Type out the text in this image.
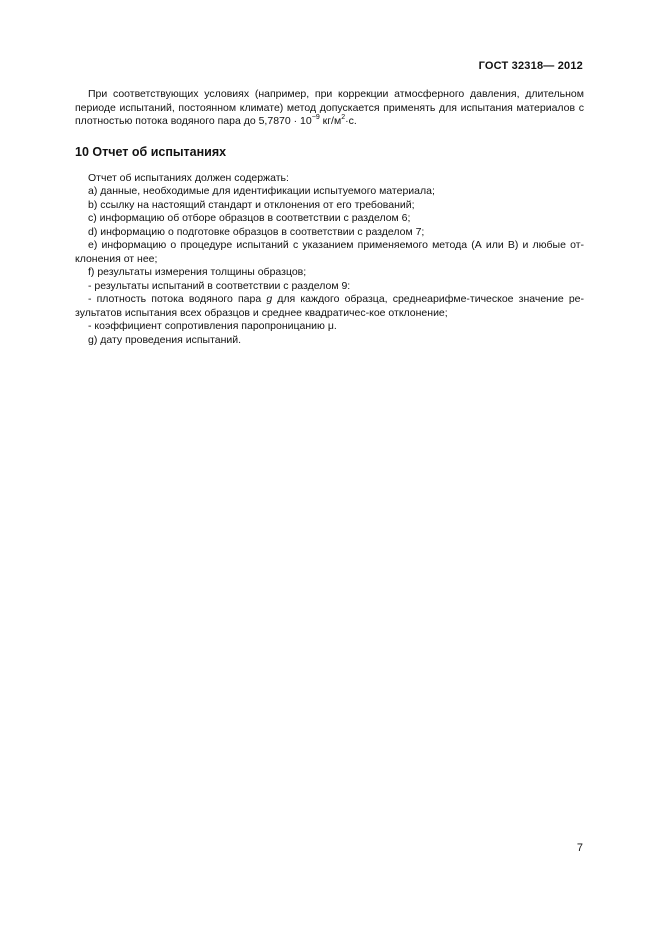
ГОСТ 32318— 2012

При соответствующих условиях (например, при коррекции атмосферного давления, длительном

периоде испытаний, постоянном климате) метод допускается применять для испытания материалов с

плотностью потока водяного пара до $5,7870 \cdot 10^{-9}$ $кг/м^2\cdot с$.

10 Отчет об испытаниях

Отчет об испытаниях должен содержать:

a) данные, необходимые для идентификации испытуемого материала;

b) ссылку на настоящий стандарт и отклонения от его требований;

c) информацию об отборе образцов в соответствии с разделом 6;

d) информацию о подготовке образцов в соответствии с разделом 7;

e) информацию о процедуре испытаний с указанием применяемого метода (А или В) и любые от-

клонения от нее;

f) результаты измерения толщины образцов;

- результаты испытаний в соответствии с разделом 9:

- плотность потока водяного пара g для каждого образца, среднеарифме-тическое значение ре-

зультатов испытания всех образцов и среднее квадратичес-кое отклонение;

- коэффициент сопротивления паропроницанию μ.

g) дату проведения испытаний.

7
